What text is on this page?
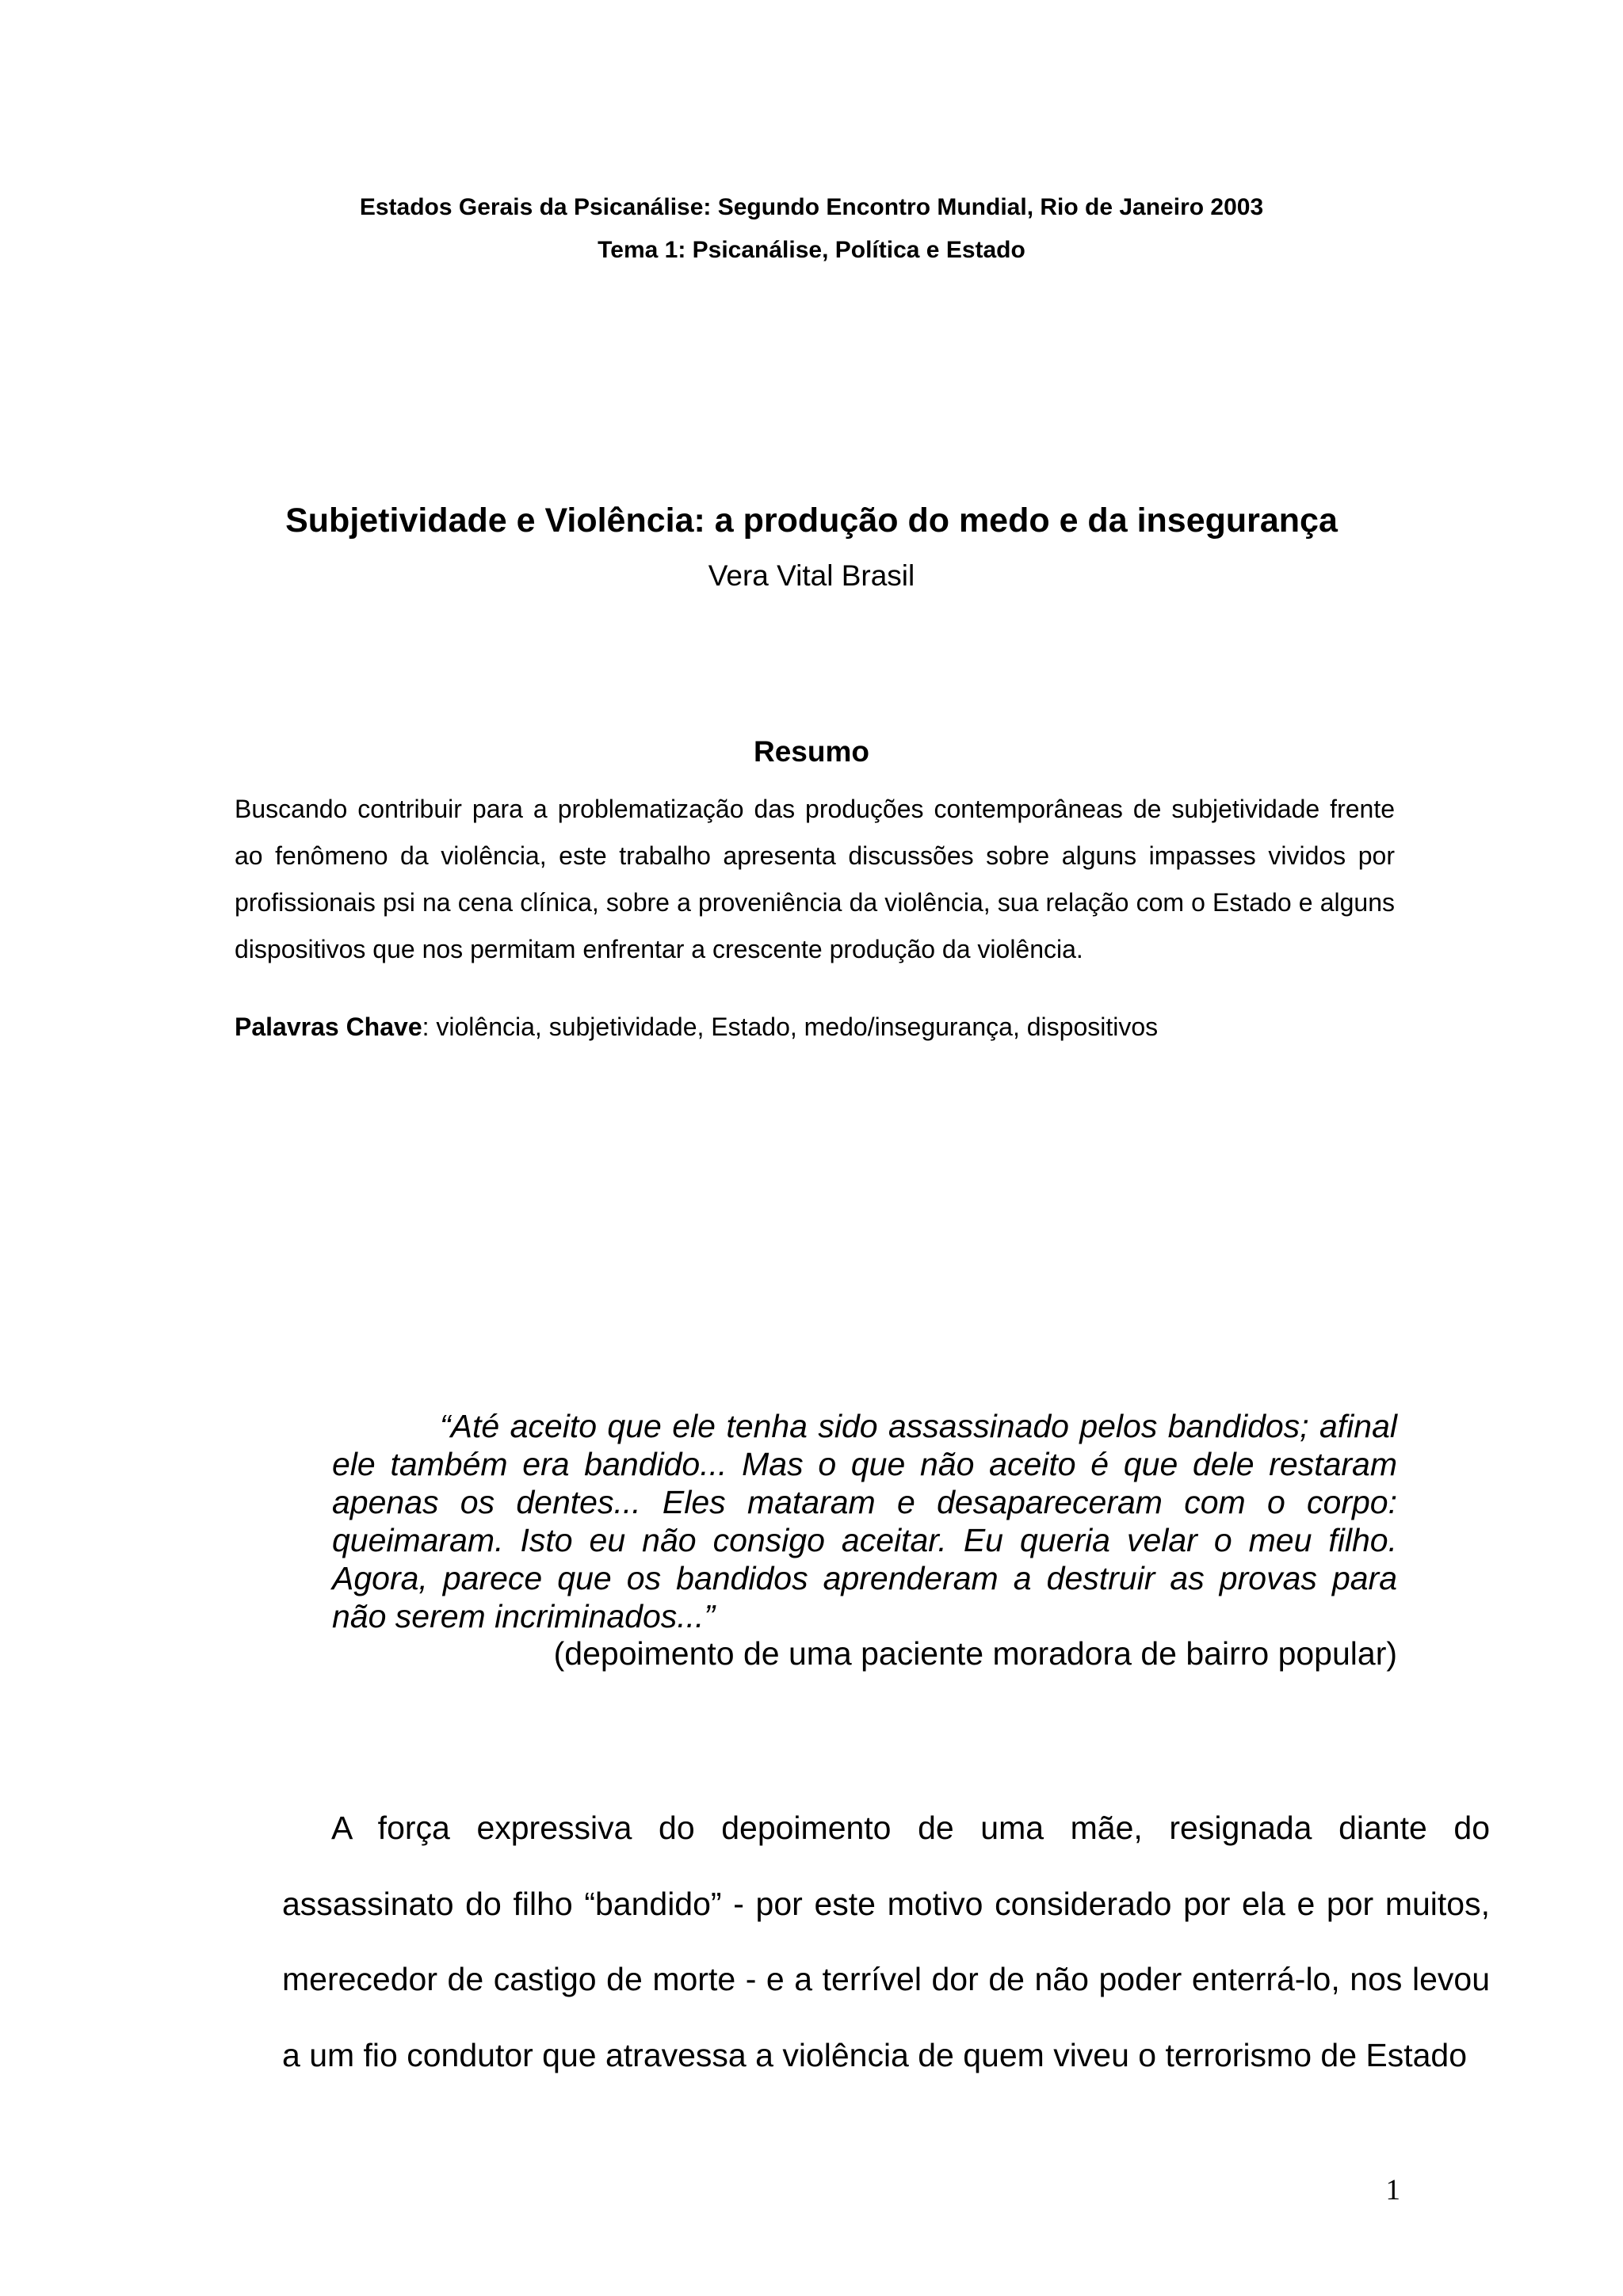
Estados Gerais da Psicanálise: Segundo Encontro Mundial, Rio de Janeiro 2003

Tema 1: Psicanálise, Política e Estado

Subjetividade e Violência: a produção do medo e da insegurança

Vera Vital Brasil

Resumo

Buscando contribuir para a problematização das produções contemporâneas de subjetividade frente ao fenômeno da violência, este trabalho apresenta discussões sobre alguns impasses vividos por profissionais psi na cena clínica, sobre a proveniência da violência, sua relação com o Estado e alguns dispositivos que nos permitam enfrentar a crescente produção da violência.

Palavras Chave: violência, subjetividade, Estado, medo/insegurança, dispositivos

“Até aceito que ele tenha sido assassinado pelos bandidos; afinal ele também era bandido... Mas o que não aceito é que dele restaram apenas os dentes... Eles mataram e desapareceram com o corpo: queimaram. Isto eu não consigo aceitar. Eu queria velar o meu filho. Agora, parece que os bandidos aprenderam a destruir as provas para não serem incriminados...”

(depoimento de uma paciente moradora de bairro popular)

A força expressiva do depoimento de uma mãe, resignada diante do assassinato do filho “bandido” - por este motivo considerado por ela e por muitos, merecedor de castigo de morte - e a terrível dor de não poder enterrá-lo, nos levou a um fio condutor que atravessa a violência de quem viveu o terrorismo de Estado

1
